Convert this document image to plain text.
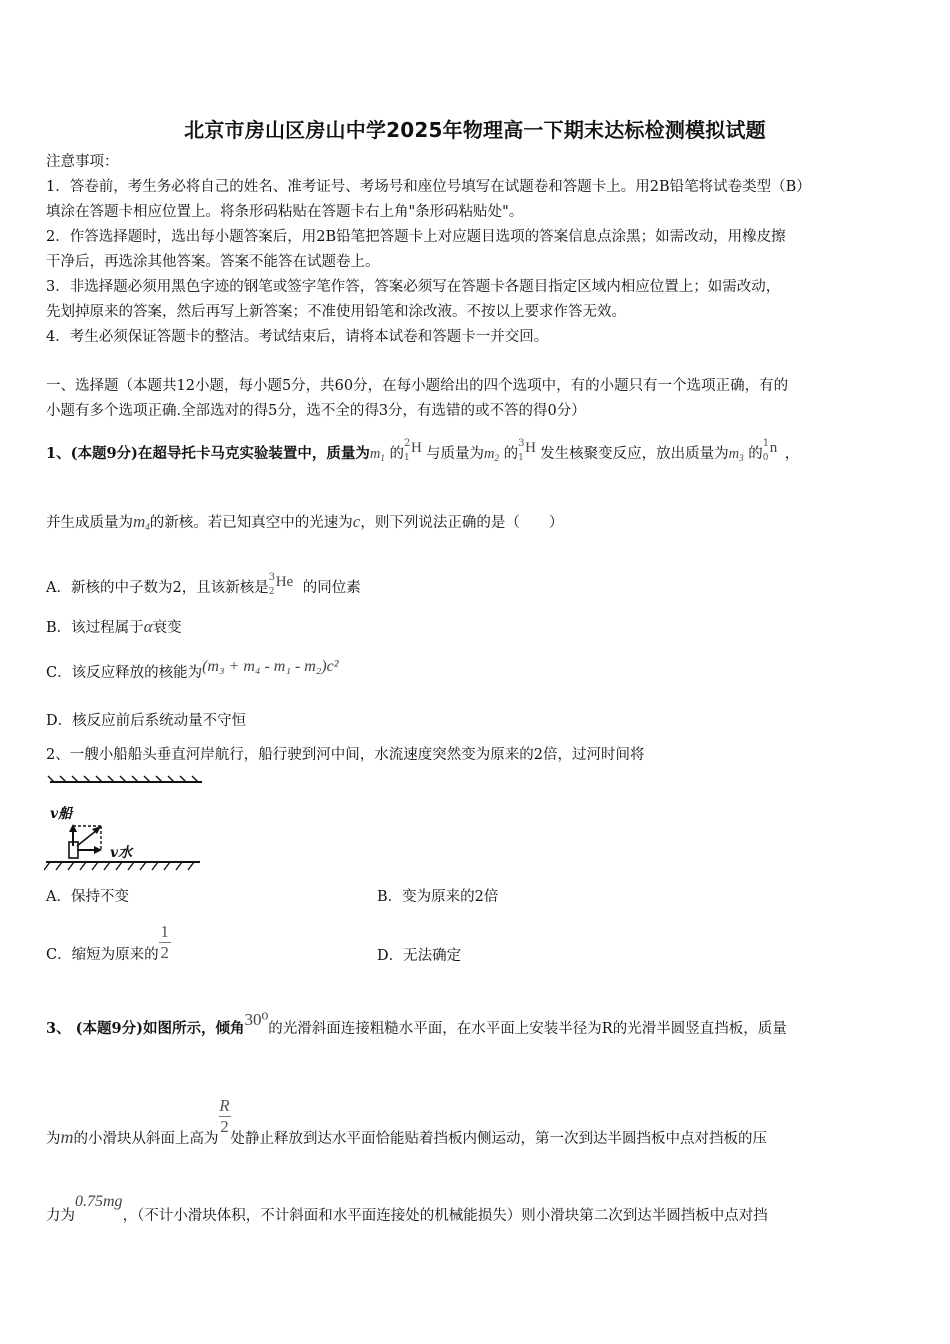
北京市房山区房山中学2025年物理高一下期末达标检测模拟试题
注意事项：
1．答卷前，考生务必将自己的姓名、准考证号、考场号和座位号填写在试题卷和答题卡上。用2B铅笔将试卷类型（B）
填涂在答题卡相应位置上。将条形码粘贴在答题卡右上角"条形码粘贴处"。
2．作答选择题时，选出每小题答案后，用2B铅笔把答题卡上对应题目选项的答案信息点涂黑；如需改动，用橡皮擦
干净后，再选涂其他答案。答案不能答在试题卷上。
3．非选择题必须用黑色字迹的钢笔或签字笔作答，答案必须写在答题卡各题目指定区域内相应位置上；如需改动，
先划掉原来的答案，然后再写上新答案；不准使用铅笔和涂改液。不按以上要求作答无效。
4．考生必须保证答题卡的整洁。考试结束后，请将本试卷和答题卡一并交回。
一、选择题（本题共12小题，每小题5分，共60分，在每小题给出的四个选项中，有的小题只有一个选项正确，有的
小题有多个选项正确.全部选对的得5分，选不全的得3分，有选错的或不答的得0分）
1、(本题9分)在超导托卡马克实验装置中，质量为$m_1$ 的
2
1
H 与质量为$m_2$ 的
3
1
H 发生核聚变反应，放出质量为$m_3$ 的
1
0
n ，
并生成质量为$m_4$的新核。若已知真空中的光速为c，则下列说法正确的是（　　）
A．新核的中子数为2，且该新核是
3
2
He 的同位素
B．该过程属于α衰变
C．该反应释放的核能为(m₃ + m₄ - m₁ - m₂)c²
D．核反应前后系统动量不守恒
2、一艘小船船头垂直河岸航行，船行驶到河中间，水流速度突然变为原来的2倍，过河时间将
v船
v水
A．保持不变	B．变为原来的2倍
C．缩短为原来的 $\frac{1}{2}$	D．无法确定
3、 (本题9分)如图所示，倾角30⁰的光滑斜面连接粗糙水平面，在水平面上安装半径为R的光滑半圆竖直挡板，质量
为m的小滑块从斜面上高为
$\frac{R}{2}$
处静止释放到达水平面恰能贴着挡板内侧运动，第一次到达半圆挡板中点对挡板的压
力为0.75mg，（不计小滑块体积，不计斜面和水平面连接处的机械能损失）则小滑块第二次到达半圆挡板中点对挡
